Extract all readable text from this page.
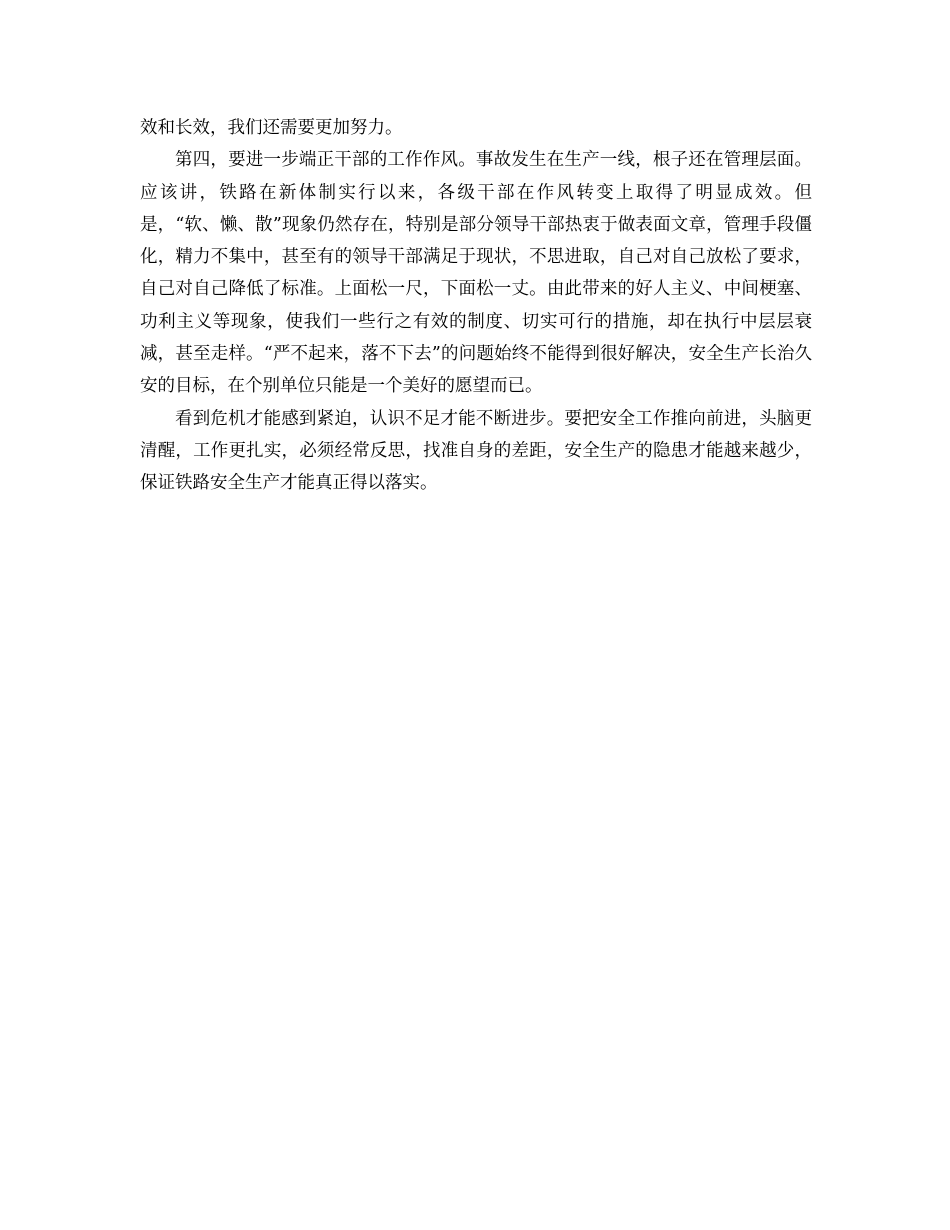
效和长效，我们还需要更加努力。

第四，要进一步端正干部的工作作风。事故发生在生产一线，根子还在管理层面。应该讲，铁路在新体制实行以来，各级干部在作风转变上取得了明显成效。但是，“软、懒、散”现象仍然存在，特别是部分领导干部热衷于做表面文章，管理手段僵化，精力不集中，甚至有的领导干部满足于现状，不思进取，自己对自己放松了要求，自己对自己降低了标准。上面松一尺，下面松一丈。由此带来的好人主义、中间梗塞、功利主义等现象，使我们一些行之有效的制度、切实可行的措施，却在执行中层层衰减，甚至走样。“严不起来，落不下去”的问题始终不能得到很好解决，安全生产长治久安的目标，在个别单位只能是一个美好的愿望而已。

看到危机才能感到紧迫，认识不足才能不断进步。要把安全工作推向前进，头脑更清醒，工作更扎实，必须经常反思，找准自身的差距，安全生产的隐患才能越来越少，保证铁路安全生产才能真正得以落实。
